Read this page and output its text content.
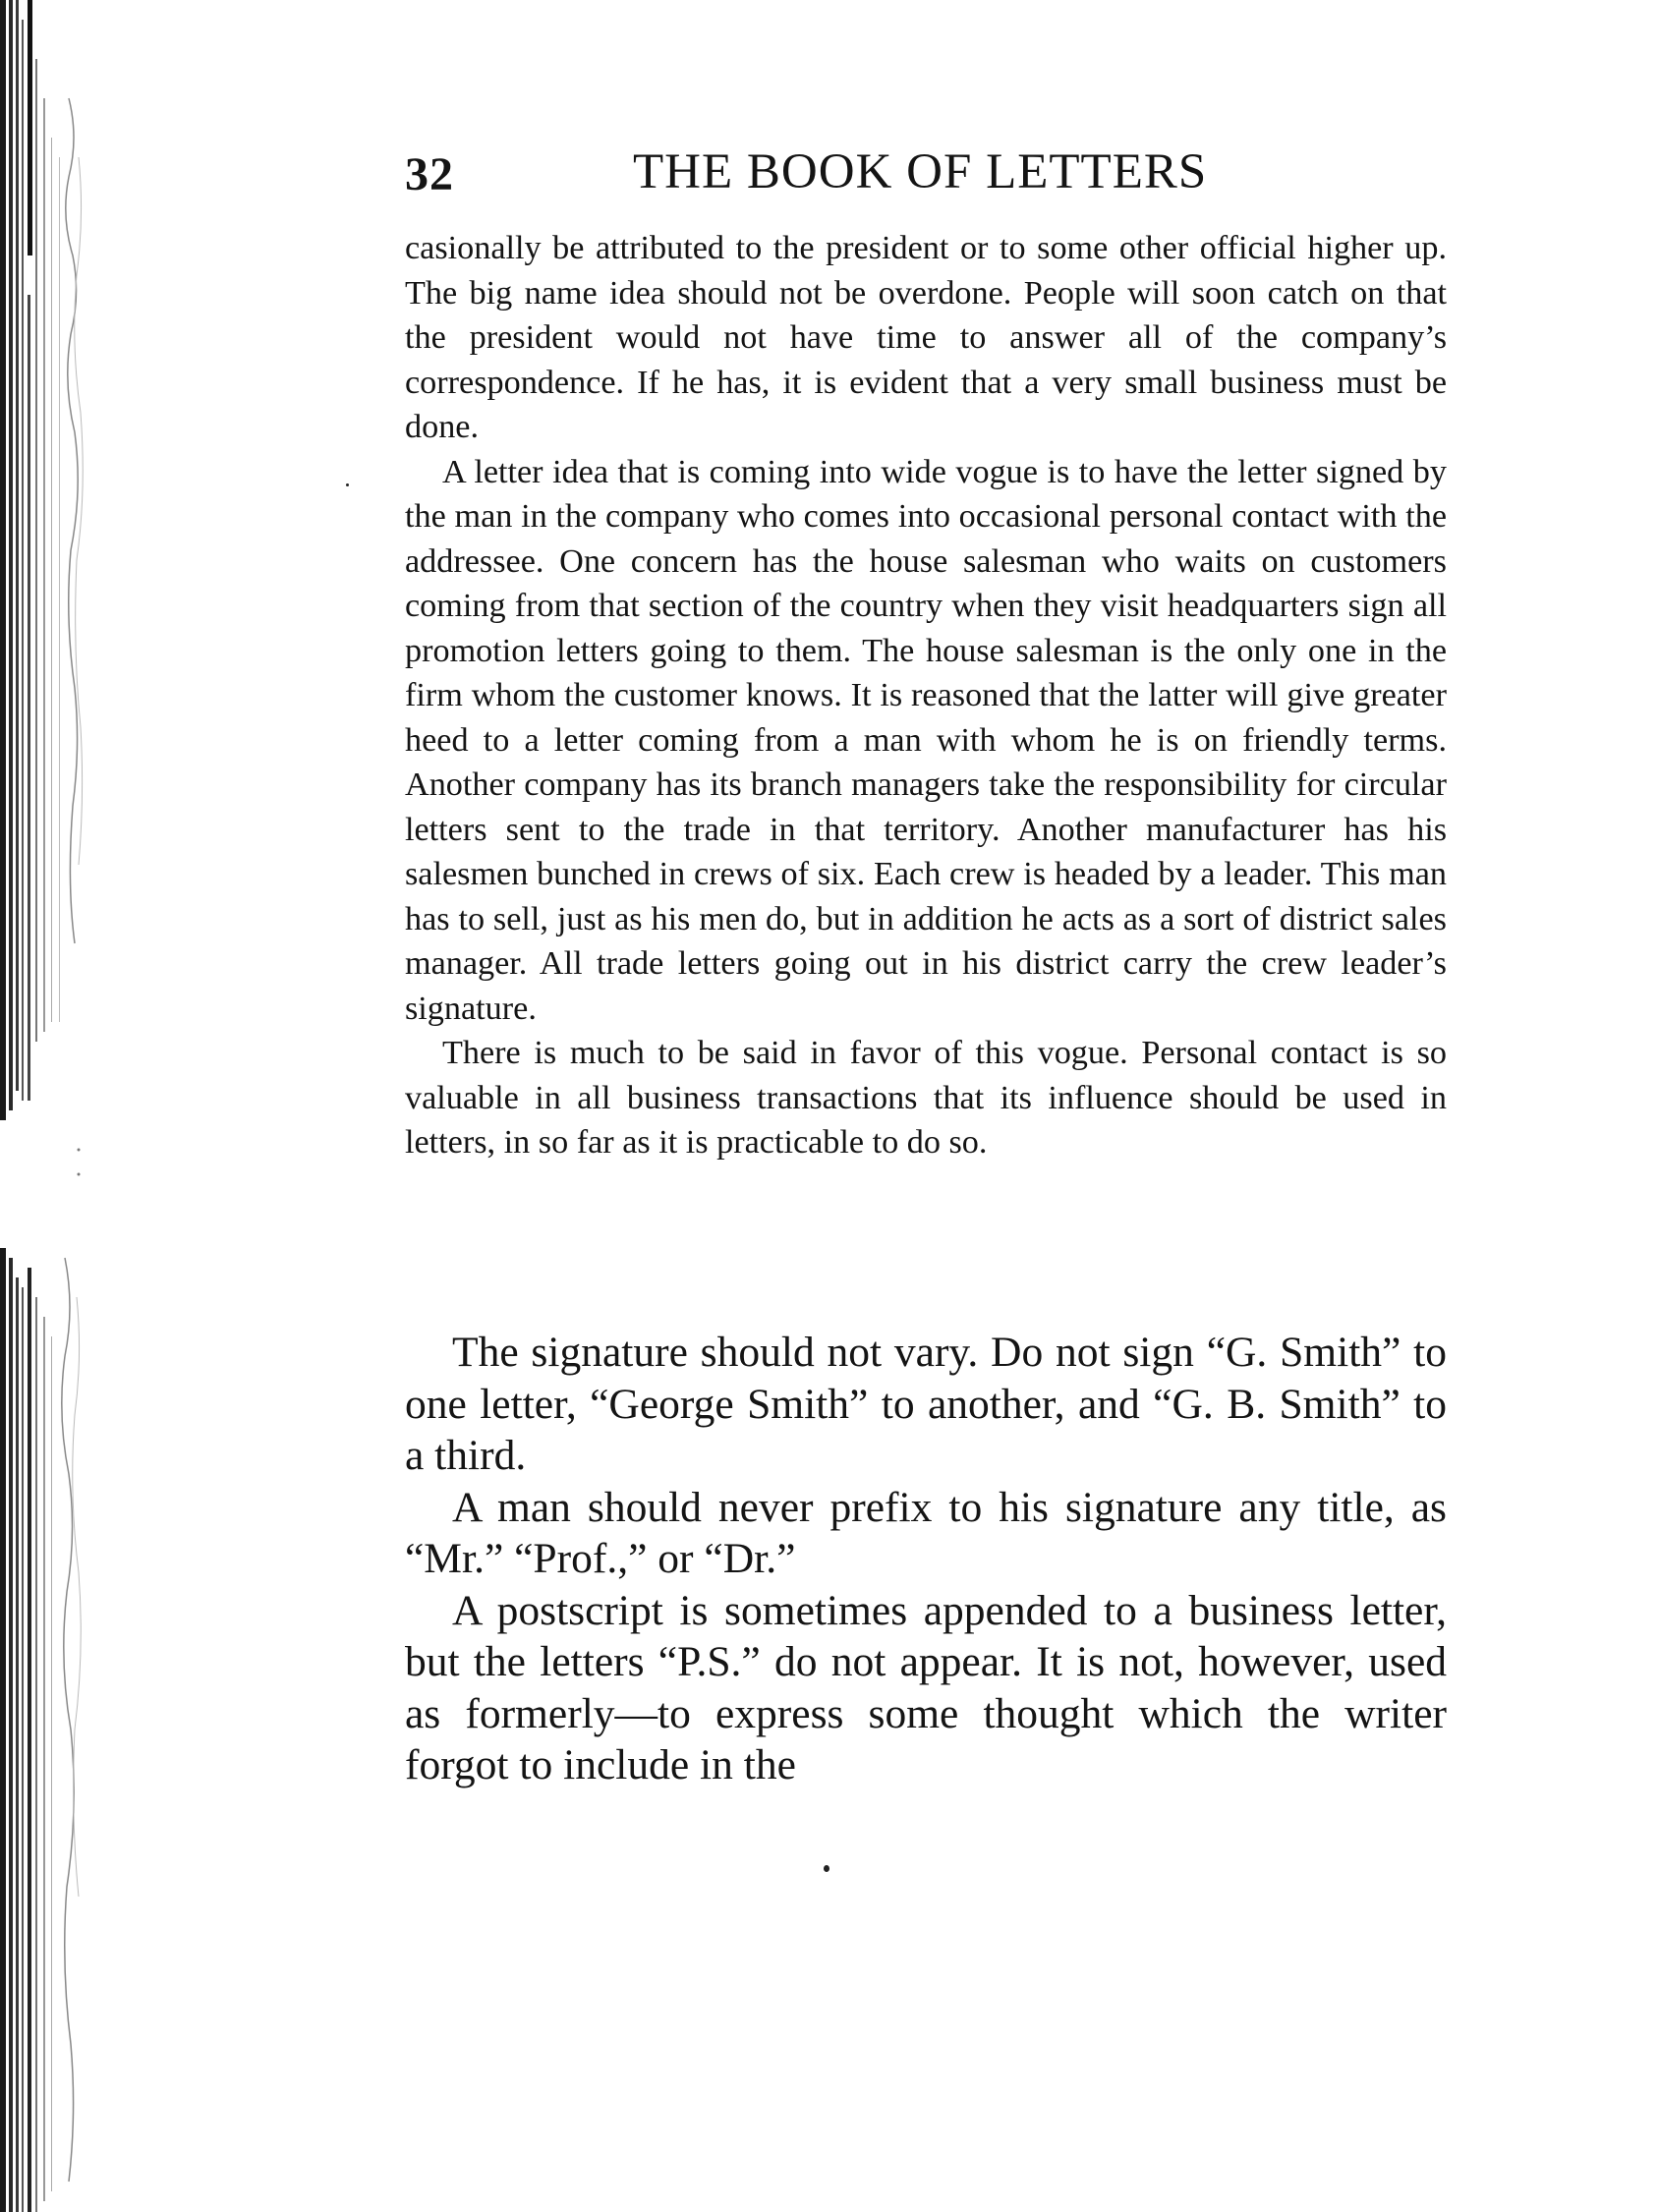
32	THE BOOK OF LETTERS

casionally be attributed to the president or to some other official higher up. The big name idea should not be overdone. People will soon catch on that the president would not have time to answer all of the company’s correspondence. If he has, it is evident that a very small business must be done.

A letter idea that is coming into wide vogue is to have the letter signed by the man in the company who comes into occasional personal contact with the addressee. One concern has the house salesman who waits on customers coming from that section of the country when they visit headquarters sign all promotion letters going to them. The house salesman is the only one in the firm whom the customer knows. It is reasoned that the latter will give greater heed to a letter coming from a man with whom he is on friendly terms. Another company has its branch managers take the responsibility for circular letters sent to the trade in that territory. Another manufacturer has his salesmen bunched in crews of six. Each crew is headed by a leader. This man has to sell, just as his men do, but in addition he acts as a sort of district sales manager. All trade letters going out in his district carry the crew leader’s signature.

There is much to be said in favor of this vogue. Personal contact is so valuable in all business transactions that its influence should be used in letters, in so far as it is practicable to do so.

The signature should not vary. Do not sign “G. Smith” to one letter, “George Smith” to another, and “G. B. Smith” to a third.

A man should never prefix to his signature any title, as “Mr.” “Prof.,” or “Dr.”

A postscript is sometimes appended to a business letter, but the letters “P.S.” do not appear. It is not, however, used as formerly—to express some thought which the writer forgot to include in the
